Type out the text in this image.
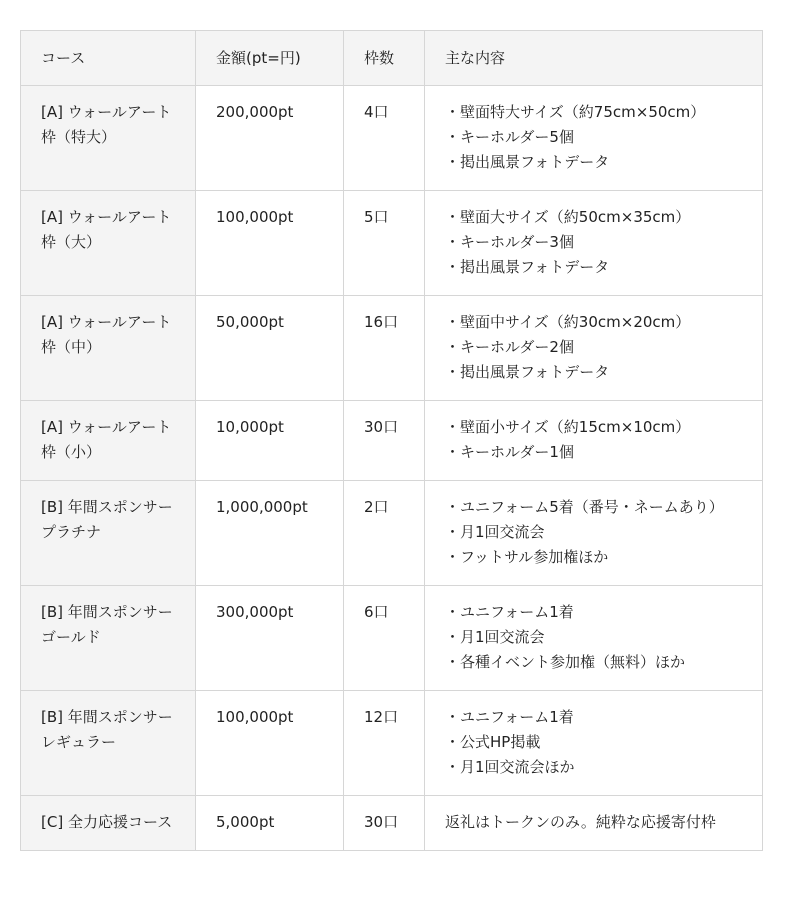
コース	金額(pt=円)	枠数	主な内容
[A] ウォールアート枠（特大）	200,000pt	4口	・壁面特大サイズ（約75cm×50cm）
・キーホルダー5個
・掲出風景フォトデータ

[A] ウォールアート枠（大）	100,000pt	5口	・壁面大サイズ（約50cm×35cm）
・キーホルダー3個
・掲出風景フォトデータ

[A] ウォールアート枠（中）	50,000pt	16口	・壁面中サイズ（約30cm×20cm）
・キーホルダー2個
・掲出風景フォトデータ

[A] ウォールアート枠（小）	10,000pt	30口	・壁面小サイズ（約15cm×10cm）
・キーホルダー1個

[B] 年間スポンサー プラチナ	1,000,000pt	2口	・ユニフォーム5着（番号・ネームあり）
・月1回交流会
・フットサル参加権ほか

[B] 年間スポンサー ゴールド	300,000pt	6口	・ユニフォーム1着
・月1回交流会
・各種イベント参加権（無料）ほか

[B] 年間スポンサー レギュラー	100,000pt	12口	・ユニフォーム1着
・公式HP掲載
・月1回交流会ほか

[C] 全力応援コース	5,000pt	30口	返礼はトークンのみ。純粋な応援寄付枠
